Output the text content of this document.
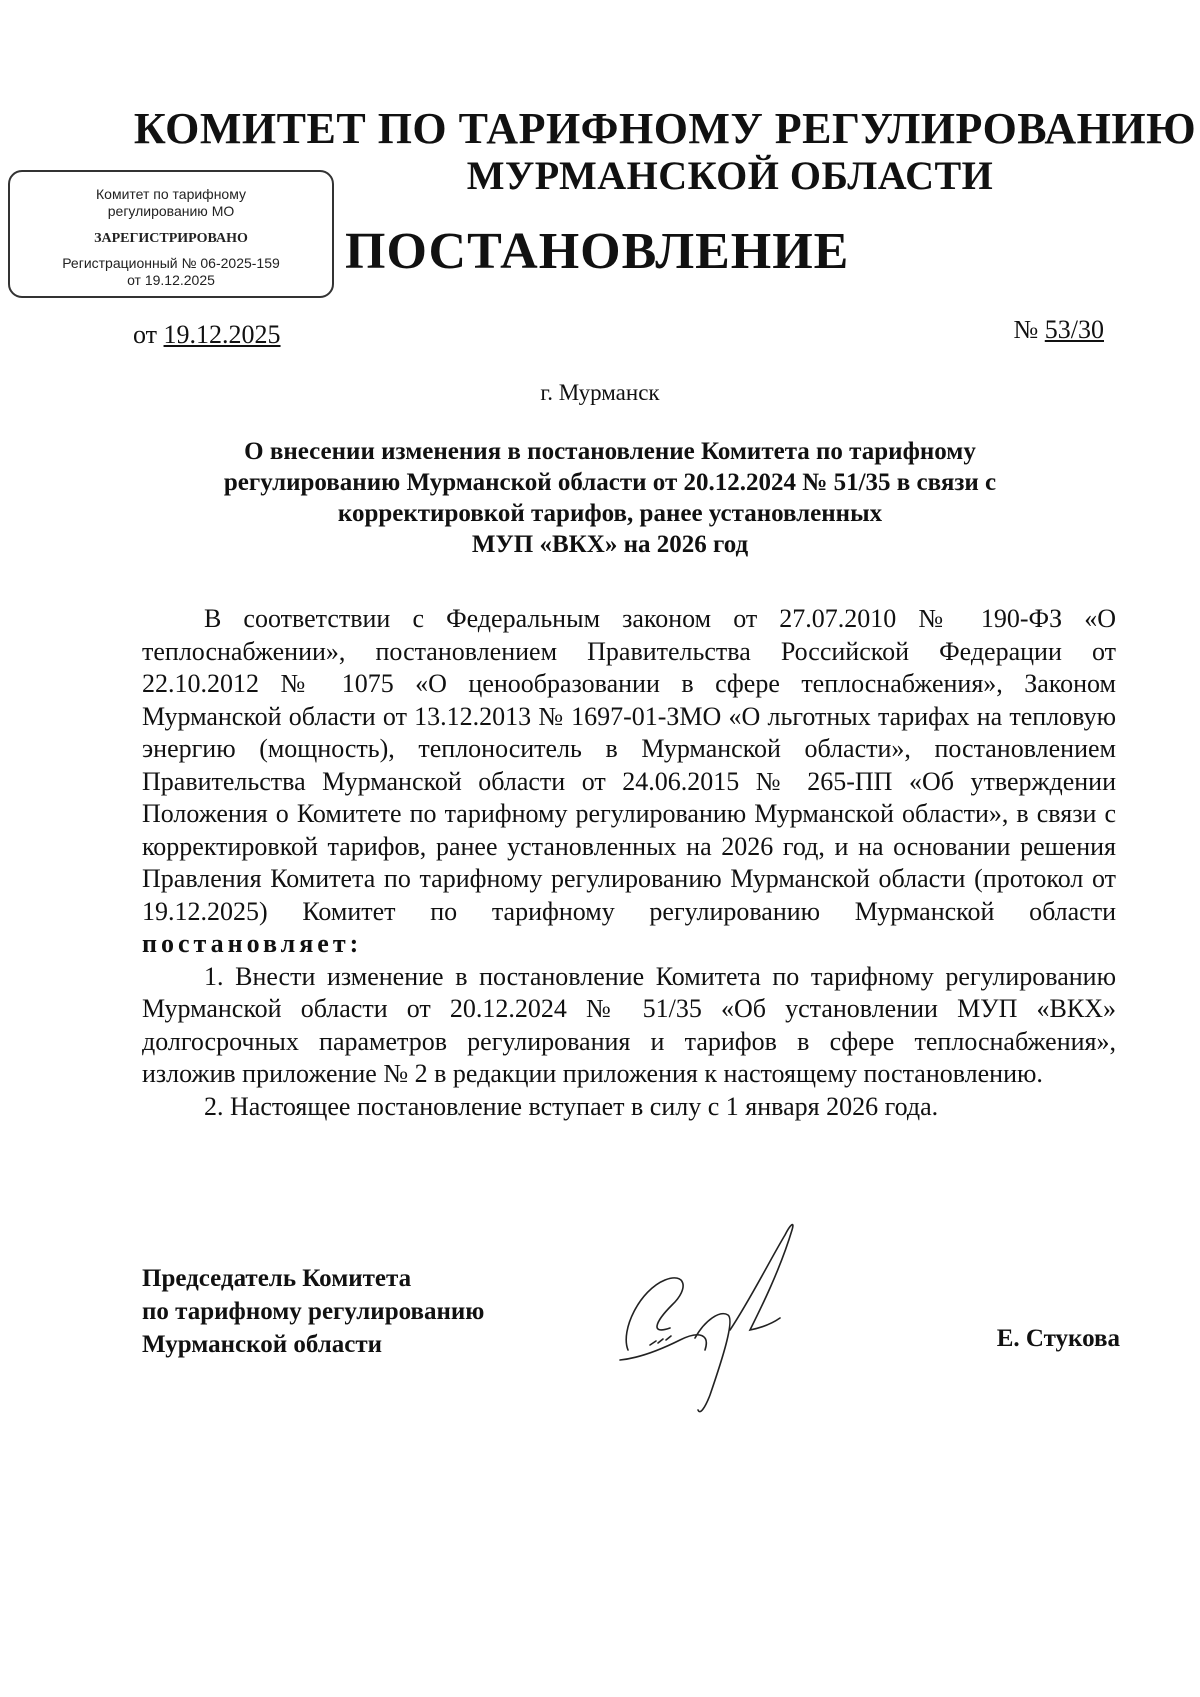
КОМИТЕТ ПО ТАРИФНОМУ РЕГУЛИРОВАНИЮ
МУРМАНСКОЙ ОБЛАСТИ
Комитет по тарифному
регулированию МО
ЗАРЕГИСТРИРОВАНО
Регистрационный № 06-2025-159
от 19.12.2025	ПОСТАНОВЛЕНИЕ
от 19.12.2025	№ 53/30
г. Мурманск
О внесении изменения в постановление Комитета по тарифному
регулированию Мурманской области от 20.12.2024 № 51/35 в связи с
корректировкой тарифов, ранее установленных
МУП «ВКХ» на 2026 год

В соответствии с Федеральным законом от 27.07.2010 № 190-ФЗ «О теплоснабжении», постановлением Правительства Российской Федерации от 22.10.2012 № 1075 «О ценообразовании в сфере теплоснабжения», Законом Мурманской области от 13.12.2013 № 1697-01-ЗМО «О льготных тарифах на тепловую энергию (мощность), теплоноситель в Мурманской области», постановлением Правительства Мурманской области от 24.06.2015 № 265-ПП «Об утверждении Положения о Комитете по тарифному регулированию Мурманской области», в связи с корректировкой тарифов, ранее установленных на 2026 год, и на основании решения Правления Комитета по тарифному регулированию Мурманской области (протокол от 19.12.2025) Комитет по тарифному регулированию Мурманской области постановляет:

1. Внести изменение в постановление Комитета по тарифному регулированию Мурманской области от 20.12.2024 № 51/35 «Об установлении МУП «ВКХ» долгосрочных параметров регулирования и тарифов в сфере теплоснабжения», изложив приложение № 2 в редакции приложения к настоящему постановлению.

2. Настоящее постановление вступает в силу с 1 января 2026 года.

Председатель Комитета
по тарифному регулированию
Мурманской области	Е. Стукова
